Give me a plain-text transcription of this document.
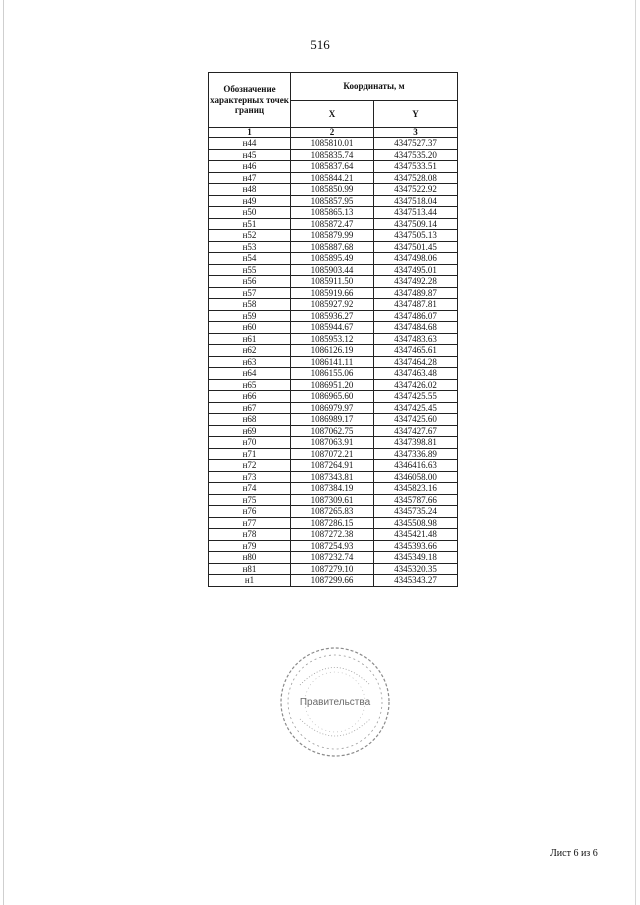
516
Обозначение характерных точек границ	Координаты, м	
	X	Y
1	2	3
н44	1085810.01	4347527.37
н45	1085835.74	4347535.20
н46	1085837.64	4347533.51
н47	1085844.21	4347528.08
н48	1085850.99	4347522.92
н49	1085857.95	4347518.04
н50	1085865.13	4347513.44
н51	1085872.47	4347509.14
н52	1085879.99	4347505.13
н53	1085887.68	4347501.45
н54	1085895.49	4347498.06
н55	1085903.44	4347495.01
н56	1085911.50	4347492.28
н57	1085919.66	4347489.87
н58	1085927.92	4347487.81
н59	1085936.27	4347486.07
н60	1085944.67	4347484.68
н61	1085953.12	4347483.63
н62	1086126.19	4347465.61
н63	1086141.11	4347464.28
н64	1086155.06	4347463.48
н65	1086951.20	4347426.02
н66	1086965.60	4347425.55
н67	1086979.97	4347425.45
н68	1086989.17	4347425.60
н69	1087062.75	4347427.67
н70	1087063.91	4347398.81
н71	1087072.21	4347336.89
н72	1087264.91	4346416.63
н73	1087343.81	4346058.00
н74	1087384.19	4345823.16
н75	1087309.61	4345787.66
н76	1087265.83	4345735.24
н77	1087286.15	4345508.98
н78	1087272.38	4345421.48
н79	1087254.93	4345393.66
н80	1087232.74	4345349.18
н81	1087279.10	4345320.35
н1	1087299.66	4345343.27
Правительства
Лист 6 из 6
